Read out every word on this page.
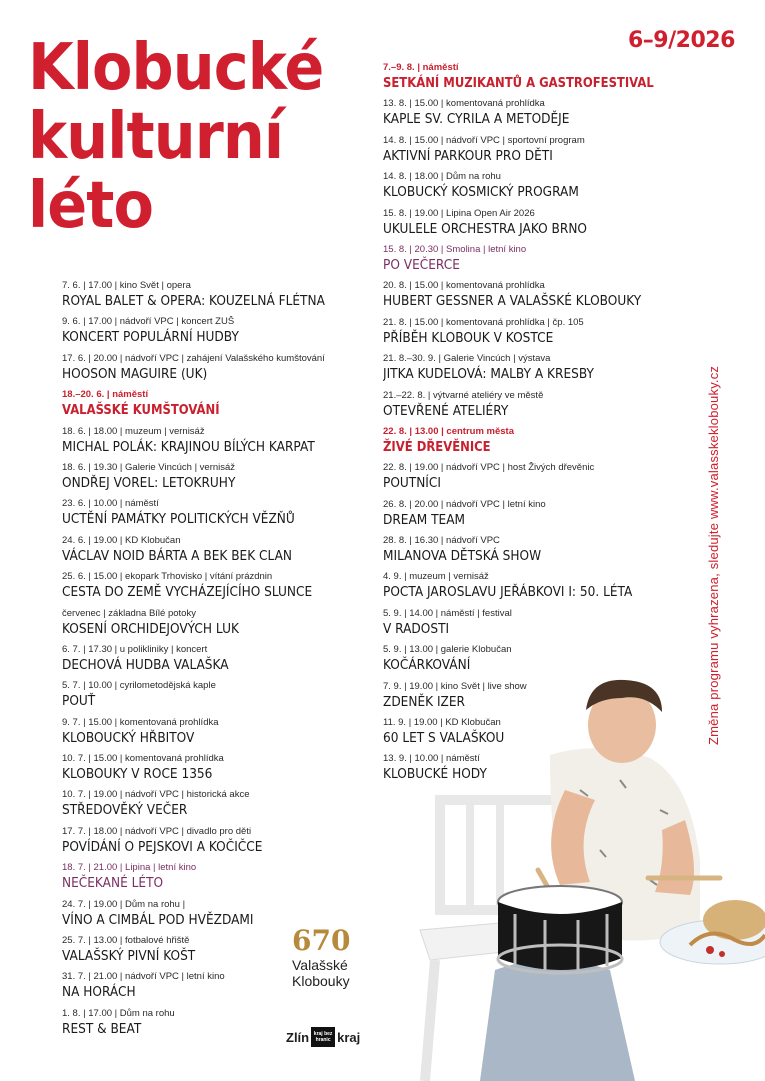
Klobucké
kulturní
léto
6–9/2026
7. 6. | 17.00 | kino Svět | opera
ROYAL BALET & OPERA: KOUZELNÁ FLÉTNA
9. 6. | 17.00 | nádvoří VPC | koncert ZUŠ
KONCERT POPULÁRNÍ HUDBY
17. 6. | 20.00 | nádvoří VPC | zahájení Valašského kumštování
HOOSON MAGUIRE (UK)
18.–20. 6. | náměstí
VALAŠSKÉ KUMŠTOVÁNÍ
18. 6. | 18.00 | muzeum | vernisáž
MICHAL POLÁK: KRAJINOU BÍLÝCH KARPAT
18. 6. | 19.30 | Galerie Vincúch | vernisáž
ONDŘEJ VOREL: LETOKRUHY
23. 6. | 10.00 | náměstí
UCTĚNÍ PAMÁTKY POLITICKÝCH VĚZŇŮ
24. 6. | 19.00 | KD Klobučan
VÁCLAV NOID BÁRTA A BEK BEK CLAN
25. 6. | 15.00 | ekopark Trhovisko | vítání prázdnin
CESTA DO ZEMĚ VYCHÁZEJÍCÍHO SLUNCE
červenec | základna Bílé potoky
KOSENÍ ORCHIDEJOVÝCH LUK
6. 7. | 17.30 | u polikliniky | koncert
DECHOVÁ HUDBA VALAŠKA
5. 7. | 10.00 | cyrilometodějská kaple
POUŤ
9. 7. | 15.00 | komentovaná prohlídka
KLOBOUCKÝ HŘBITOV
10. 7. | 15.00 | komentovaná prohlídka
KLOBOUKY V ROCE 1356
10. 7. | 19.00 | nádvoří VPC | historická akce
STŘEDOVĚKÝ VEČER
17. 7. | 18.00 | nádvoří VPC | divadlo pro děti
POVÍDÁNÍ O PEJSKOVI A KOČIČCE
18. 7. | 21.00 | Lipina | letní kino
NEČEKANÉ LÉTO
24. 7. | 19.00 | Dům na rohu |
VÍNO A CIMBÁL POD HVĚZDAMI
25. 7. | 13.00 | fotbalové hřiště
VALAŠSKÝ PIVNÍ KOŠT
31. 7. | 21.00 | nádvoří VPC | letní kino
NA HORÁCH
1. 8. | 17.00 | Dům na rohu
REST & BEAT
7.–9. 8. | náměstí
SETKÁNÍ MUZIKANTŮ A GASTROFESTIVAL
13. 8. | 15.00 | komentovaná prohlídka
KAPLE SV. CYRILA A METODĚJE
14. 8. | 15.00 | nádvoří VPC | sportovní program
AKTIVNÍ PARKOUR PRO DĚTI
14. 8. | 18.00 | Dům na rohu
KLOBUCKÝ KOSMICKÝ PROGRAM
15. 8. | 19.00 | Lipina Open Air 2026
UKULELE ORCHESTRA JAKO BRNO
15. 8. | 20.30 | Smolina | letní kino
PO VEČERCE
20. 8. | 15.00 | komentovaná prohlídka
HUBERT GESSNER A VALAŠSKÉ KLOBOUKY
21. 8. | 15.00 | komentovaná prohlídka | čp. 105
PŘÍBĚH KLOBOUK V KOSTCE
21. 8.–30. 9. | Galerie Vincúch | výstava
JITKA KUDELOVÁ: MALBY A KRESBY
21.–22. 8. | výtvarné ateliéry ve městě
OTEVŘENÉ ATELIÉRY
22. 8. | 13.00 | centrum města
ŽIVÉ DŘEVĚNICE
22. 8. | 19.00 | nádvoří VPC | host Živých dřevěnic
POUTNÍCI
26. 8. | 20.00 | nádvoří VPC | letní kino
DREAM TEAM
28. 8. | 16.30 | nádvoří VPC
MILANOVA DĚTSKÁ SHOW
4. 9. | muzeum | vernisáž
POCTA JAROSLAVU JEŘÁBKOVI I: 50. LÉTA
5. 9. | 14.00 | náměstí | festival
V RADOSTI
5. 9. | 13.00 | galerie Klobučan
KOČÁRKOVÁNÍ
7. 9. | 19.00 | kino Svět | live show
ZDENĚK IZER
11. 9. | 19.00 | KD Klobučan
60 LET S VALAŠKOU
13. 9. | 10.00 | náměstí
KLOBUCKÉ HODY
Změna programu vyhrazena, sledujte www.valasskeklobouky.cz
670
Valašské
Klobouky
Zlín kraj bez hranic kraj
